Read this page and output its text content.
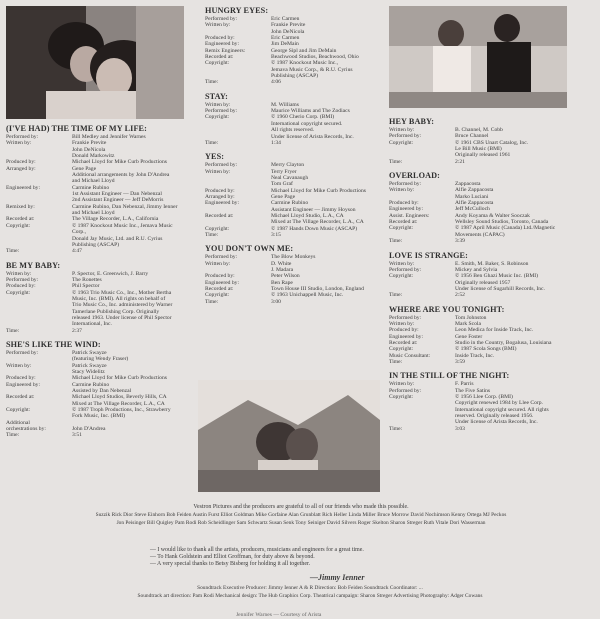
(I'VE HAD) THE TIME OF MY LIFE:
Performed by:	Bill Medley and Jennifer Warnes
Written by:	Frankie Previte
John DeNicola
Donald Markowitz
Produced by:	Michael Lloyd for Mike Curb Productions
Arranged by:	Gene Page
Additional arrangements by John D'Andrea
and Michael Lloyd
Engineered by:	Carmine Rubino
1st Assistant Engineer — Dan Nebenzal
2nd Assistant Engineer — Jeff DeMorris
Remixed by:	Carmine Rubino, Dan Nebenzal, Jimmy Ienner
and Michael Lloyd
Recorded at:	The Village Recorder, L.A., California
Copyright:	© 1987 Knockout Music Inc., Jemava Music Corp.,
Donald Jay Music, Ltd. and R.U. Cyrius
Publishing (ASCAP)
Time:	4:47
BE MY BABY:
Written by:	P. Spector, E. Greenwich, J. Barry
Performed by:	The Ronettes
Produced by:	Phil Spector
Copyright:	© 1963 Trio Music Co., Inc., Mother Bertha
Music, Inc. (BMI). All rights on behalf of
Trio Music Co., Inc. administered by Warner
Tamerlane Publishing Corp. Originally
released 1963. Under license of Phil Spector
International, Inc.
Time:	2:37
SHE'S LIKE THE WIND:
Performed by:	Patrick Swayze
(featuring Wendy Fraser)
Written by:	Patrick Swayze
Stacy Widelitz
Produced by:	Michael Lloyd for Mike Curb Productions
Engineered by:	Carmine Rubino
Assisted by Dan Nebenzal
Recorded at:	Michael Lloyd Studios, Beverly Hills, CA
Mixed at The Village Recorder, L.A., CA
Copyright:	© 1987 Troph Productions, Inc., Strawberry
Fork Music, Inc. (BMI)
Additional
orchestrations by:	John D'Andrea
Time:	3:51
HUNGRY EYES:
Performed by:	Eric Carmen
Written by:	Frankie Previte
John DeNicola
Produced by:	Eric Carmen
Engineered by:	Jim DeMain
Remix Engineers:	George Sipl and Jim DeMain
Recorded at:	Beachwood Studios, Beachwood, Ohio
Copyright:	© 1987 Knockout Music Inc.,
Jemava Music Corp., & R.U. Cyrius
Publishing (ASCAP)
Time:	4:06
STAY:
Written by:	M. Williams
Performed by:	Maurice Williams and The Zodiacs
Copyright:	© 1960 Cherio Corp. (BMI)
International copyright secured.
All rights reserved.
Under license of Arista Records, Inc.
Time:	1:34
YES:
Performed by:	Merry Clayton
Written by:	Terry Fryer
Neal Cavanaugh
Tom Graf
Produced by:	Michael Lloyd for Mike Curb Productions
Arranged by:	Gene Page
Engineered by:	Carmine Rubino
Assistant Engineer — Jimmy Hoyson
Recorded at:	Michael Lloyd Studio, L.A., CA
Mixed at The Village Recorder, L.A., CA
Copyright:	© 1987 Hands Down Music (ASCAP)
Time:	3:15
YOU DON'T OWN ME:
Performed by:	The Blow Monkeys
Written by:	D. White
J. Madara
Produced by:	Peter Wilson
Engineered by:	Ben Rape
Recorded at:	Town House III Studio, London, England
Copyright:	© 1963 Unichappell Music, Inc.
Time:	3:00
HEY BABY:
Written by:	B. Channel, M. Cobb
Performed by:	Bruce Channel
Copyright:	© 1961 CBS Unart Catalog, Inc.
Le Bill Music (BMI)
Originally released 1961
Time:	2:21
OVERLOAD:
Performed by:	Zappacosta
Written by:	Alfie Zappacosta
Marko Luciani
Produced by:	Alfie Zappacosta
Engineered by:	Jeff McCulloch
Assist. Engineers:	Andy Koyama & Walter Sooczak
Recorded at:	Wellsley Sound Studios, Toronto, Canada
Copyright:	© 1987 April Music (Canada) Ltd./Magnetic
Movements (CAPAC)
Time:	3:39
LOVE IS STRANGE:
Written by:	E. Smith, M. Baker, S. Robinson
Performed by:	Mickey and Sylvia
Copyright:	© 1956 Ben Ghazi Music Inc. (BMI)
Originally released 1957
Under license of Sugarhill Records, Inc.
Time:	2:52
WHERE ARE YOU TONIGHT:
Performed by:	Tom Johnston
Written by:	Mark Scola
Produced by:	Leon Medica for Inside Track, Inc.
Engineered by:	Gene Foster
Recorded at:	Studio in the Country, Bogalusa, Louisiana
Copyright:	© 1987 Scola Songs (BMI)
Music Consultant:	Inside Track, Inc.
Time:	3:59
IN THE STILL OF THE NIGHT:
Written by:	F. Parris
Performed by:	The Five Satins
Copyright:	© 1956 Llee Corp. (BMI)
Copyright renewed 1984 by Llee Corp.
International copyright secured. All rights
reserved. Originally released 1956.
Under license of Arista Records, Inc.
Time:	3:03
Vestron Pictures and the producers are grateful to all of our friends who made this possible.
Suzzik Rick Dior Steve Einhorn Bob Feiden Austin Furst Elliot Goldman Mike Gorfaine Alan Grunblatt Rich Heller Linda Miller Bruce Morrow David Nochimson Kenny Ortega MJ Peckos
Jon Peisinger Bill Quigley Pam Rodi Rob Scheidlinger Sam Schwartz Susan Senk Tony Seiniger David Silvers Roger Skelton Sharon Streger Ruth Vitale Dori Wasserman
— I would like to thank all the artists, producers, musicians and engineers for a great time.
— To Hank Goldstein and Elliot Groffman, for duty above & beyond.
— A very special thanks to Betsy Bisberg for holding it all together.
—Jimmy Ienner
Soundtrack Executive Producer: Jimmy Ienner A & R Direction: Bob Feiden Soundtrack Coordinator: ...
Soundtrack art direction: Pam Rodi Mechanical design: The Hub Graphics Corp. Theatrical campaign: Sharon Streger Advertising Photography: Adger Cowans
Jennifer Warnes — Courtesy of Arista
